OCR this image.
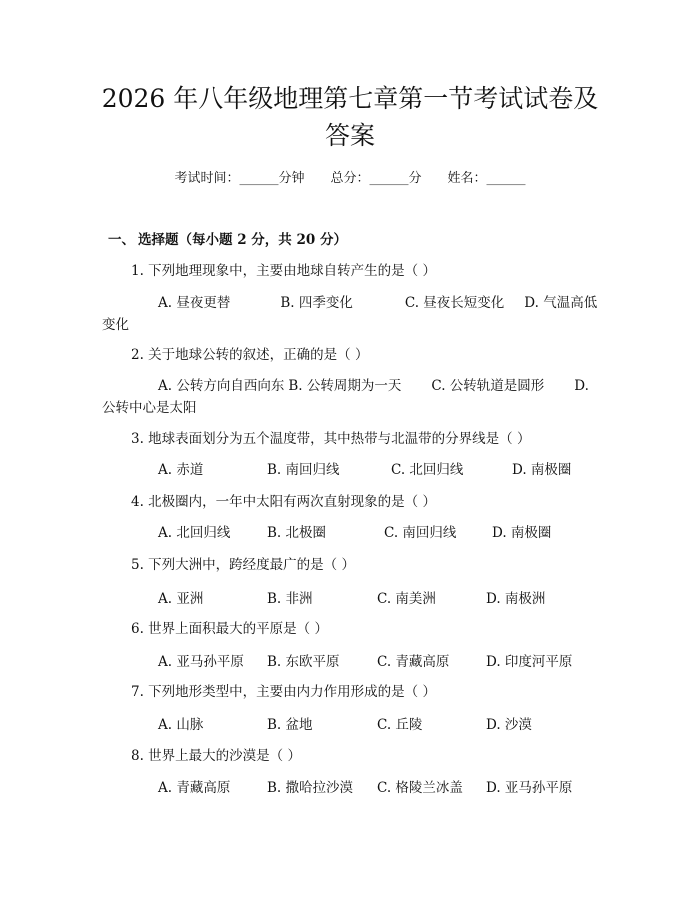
2026 年八年级地理第七章第一节考试试卷及
答案
考试时间：______分钟 总分：______分 姓名：______
一、 选择题（每小题 2 分，共 20 分）
1. 下列地理现象中，主要由地球自转产生的是（ ）
A. 昼夜更替	B. 四季变化	C. 昼夜长短变化 D. 气温高低变化
2. 关于地球公转的叙述，正确的是（ ）
A. 公转方向自西向东 B. 公转周期为一天 C. 公转轨道是圆形 D. 公转中心是太阳
3. 地球表面划分为五个温度带，其中热带与北温带的分界线是（ ）
A. 赤道	B. 南回归线	C. 北回归线	D. 南极圈
4. 北极圈内，一年中太阳有两次直射现象的是（ ）
A. 北回归线	B. 北极圈	C. 南回归线	D. 南极圈
5. 下列大洲中，跨经度最广的是（ ）
A. 亚洲	B. 非洲	C. 南美洲	D. 南极洲
6. 世界上面积最大的平原是（ ）
A. 亚马孙平原 B. 东欧平原	C. 青藏高原	D. 印度河平原
7. 下列地形类型中，主要由内力作用形成的是（ ）
A. 山脉	B. 盆地	C. 丘陵	D. 沙漠
8. 世界上最大的沙漠是（ ）
A. 青藏高原	B. 撒哈拉沙漠 C. 格陵兰冰盖 D. 亚马孙平原
